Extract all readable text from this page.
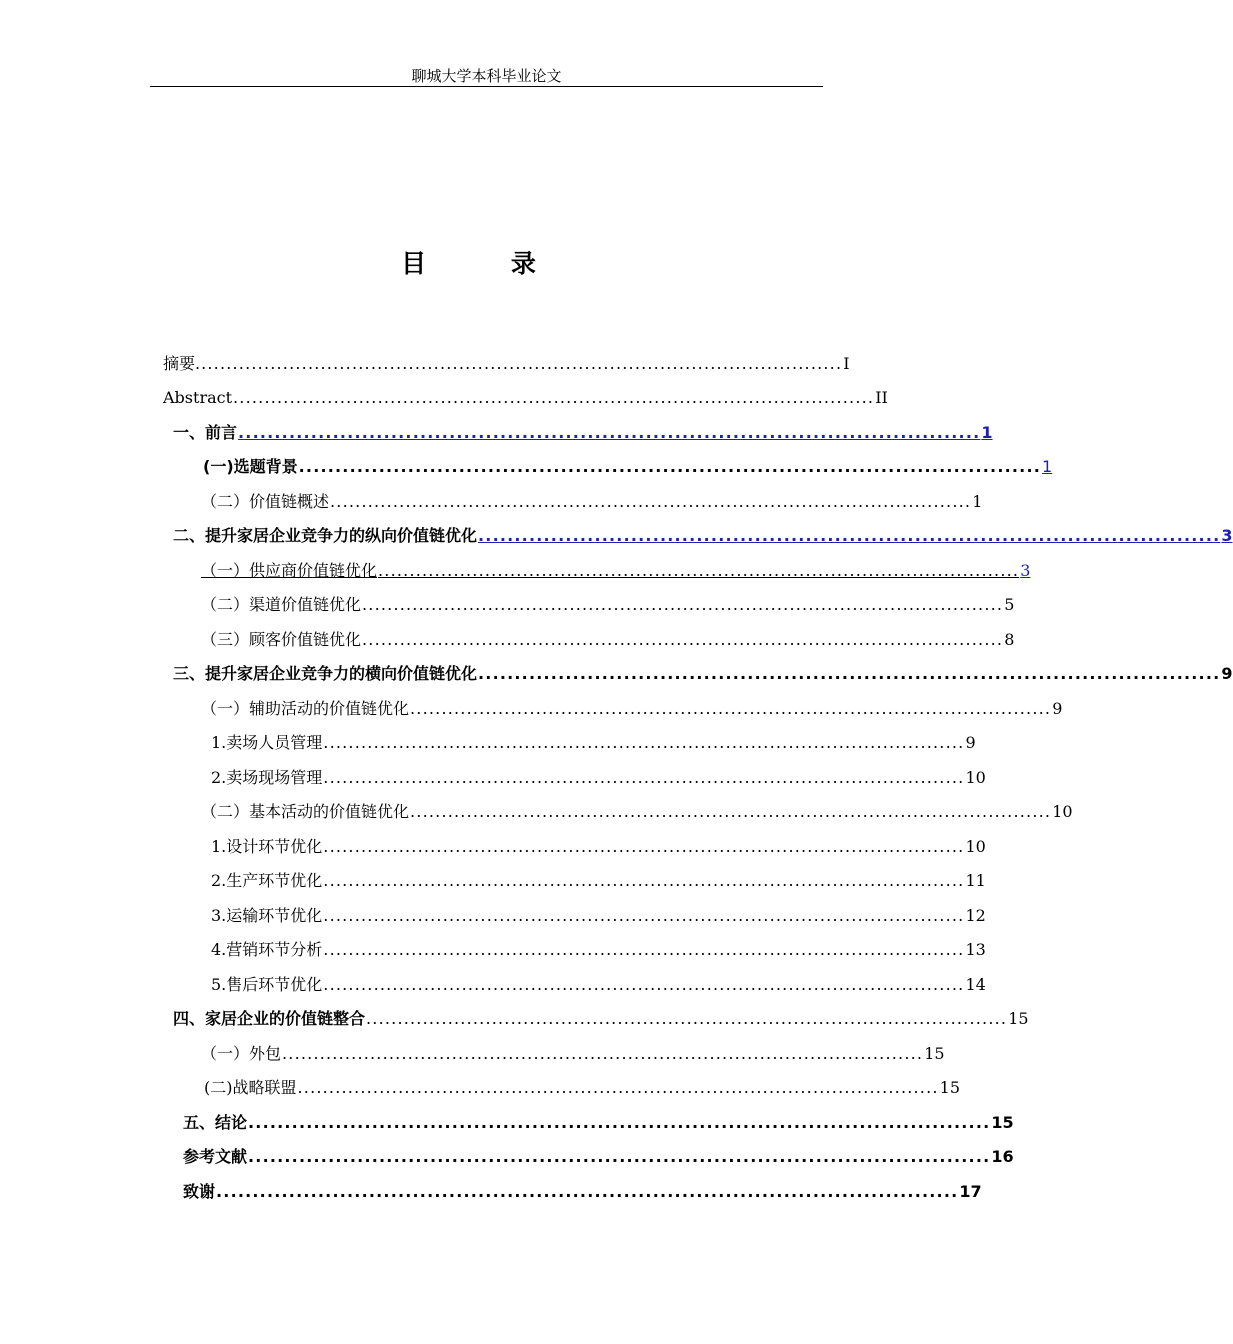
聊城大学本科毕业论文
目 录
摘要. ...................................................................................................... I
Abstract ...................................................................................................... II
一、前言 ...................................................................................................... 1
(一)选题背景 ...................................................................................................... 1
（二）价值链概述 ...................................................................................................... 1
二、提升家居企业竞争力的纵向价值链优化 ...................................................................................................... 3
（一）供应商价值链优化 ...................................................................................................... 3
（二）渠道价值链优化 ...................................................................................................... 5
（三）顾客价值链优化 ...................................................................................................... 8
三、提升家居企业竞争力的横向价值链优化 ...................................................................................................... 9
（一）辅助活动的价值链优化 ...................................................................................................... 9
1.卖场人员管理 ...................................................................................................... 9
2.卖场现场管理 ...................................................................................................... 10
（二）基本活动的价值链优化 ...................................................................................................... 10
1.设计环节优化 ...................................................................................................... 10
2.生产环节优化 ...................................................................................................... 11
3.运输环节优化 ...................................................................................................... 12
4.营销环节分析 ...................................................................................................... 13
5.售后环节优化 ...................................................................................................... 14
四、家居企业的价值链整合 ...................................................................................................... 15
（一）外包 ...................................................................................................... 15
(二)战略联盟 ...................................................................................................... 15
五、结论 ...................................................................................................... 15
参考文献 ...................................................................................................... 16
致谢 ...................................................................................................... 17
